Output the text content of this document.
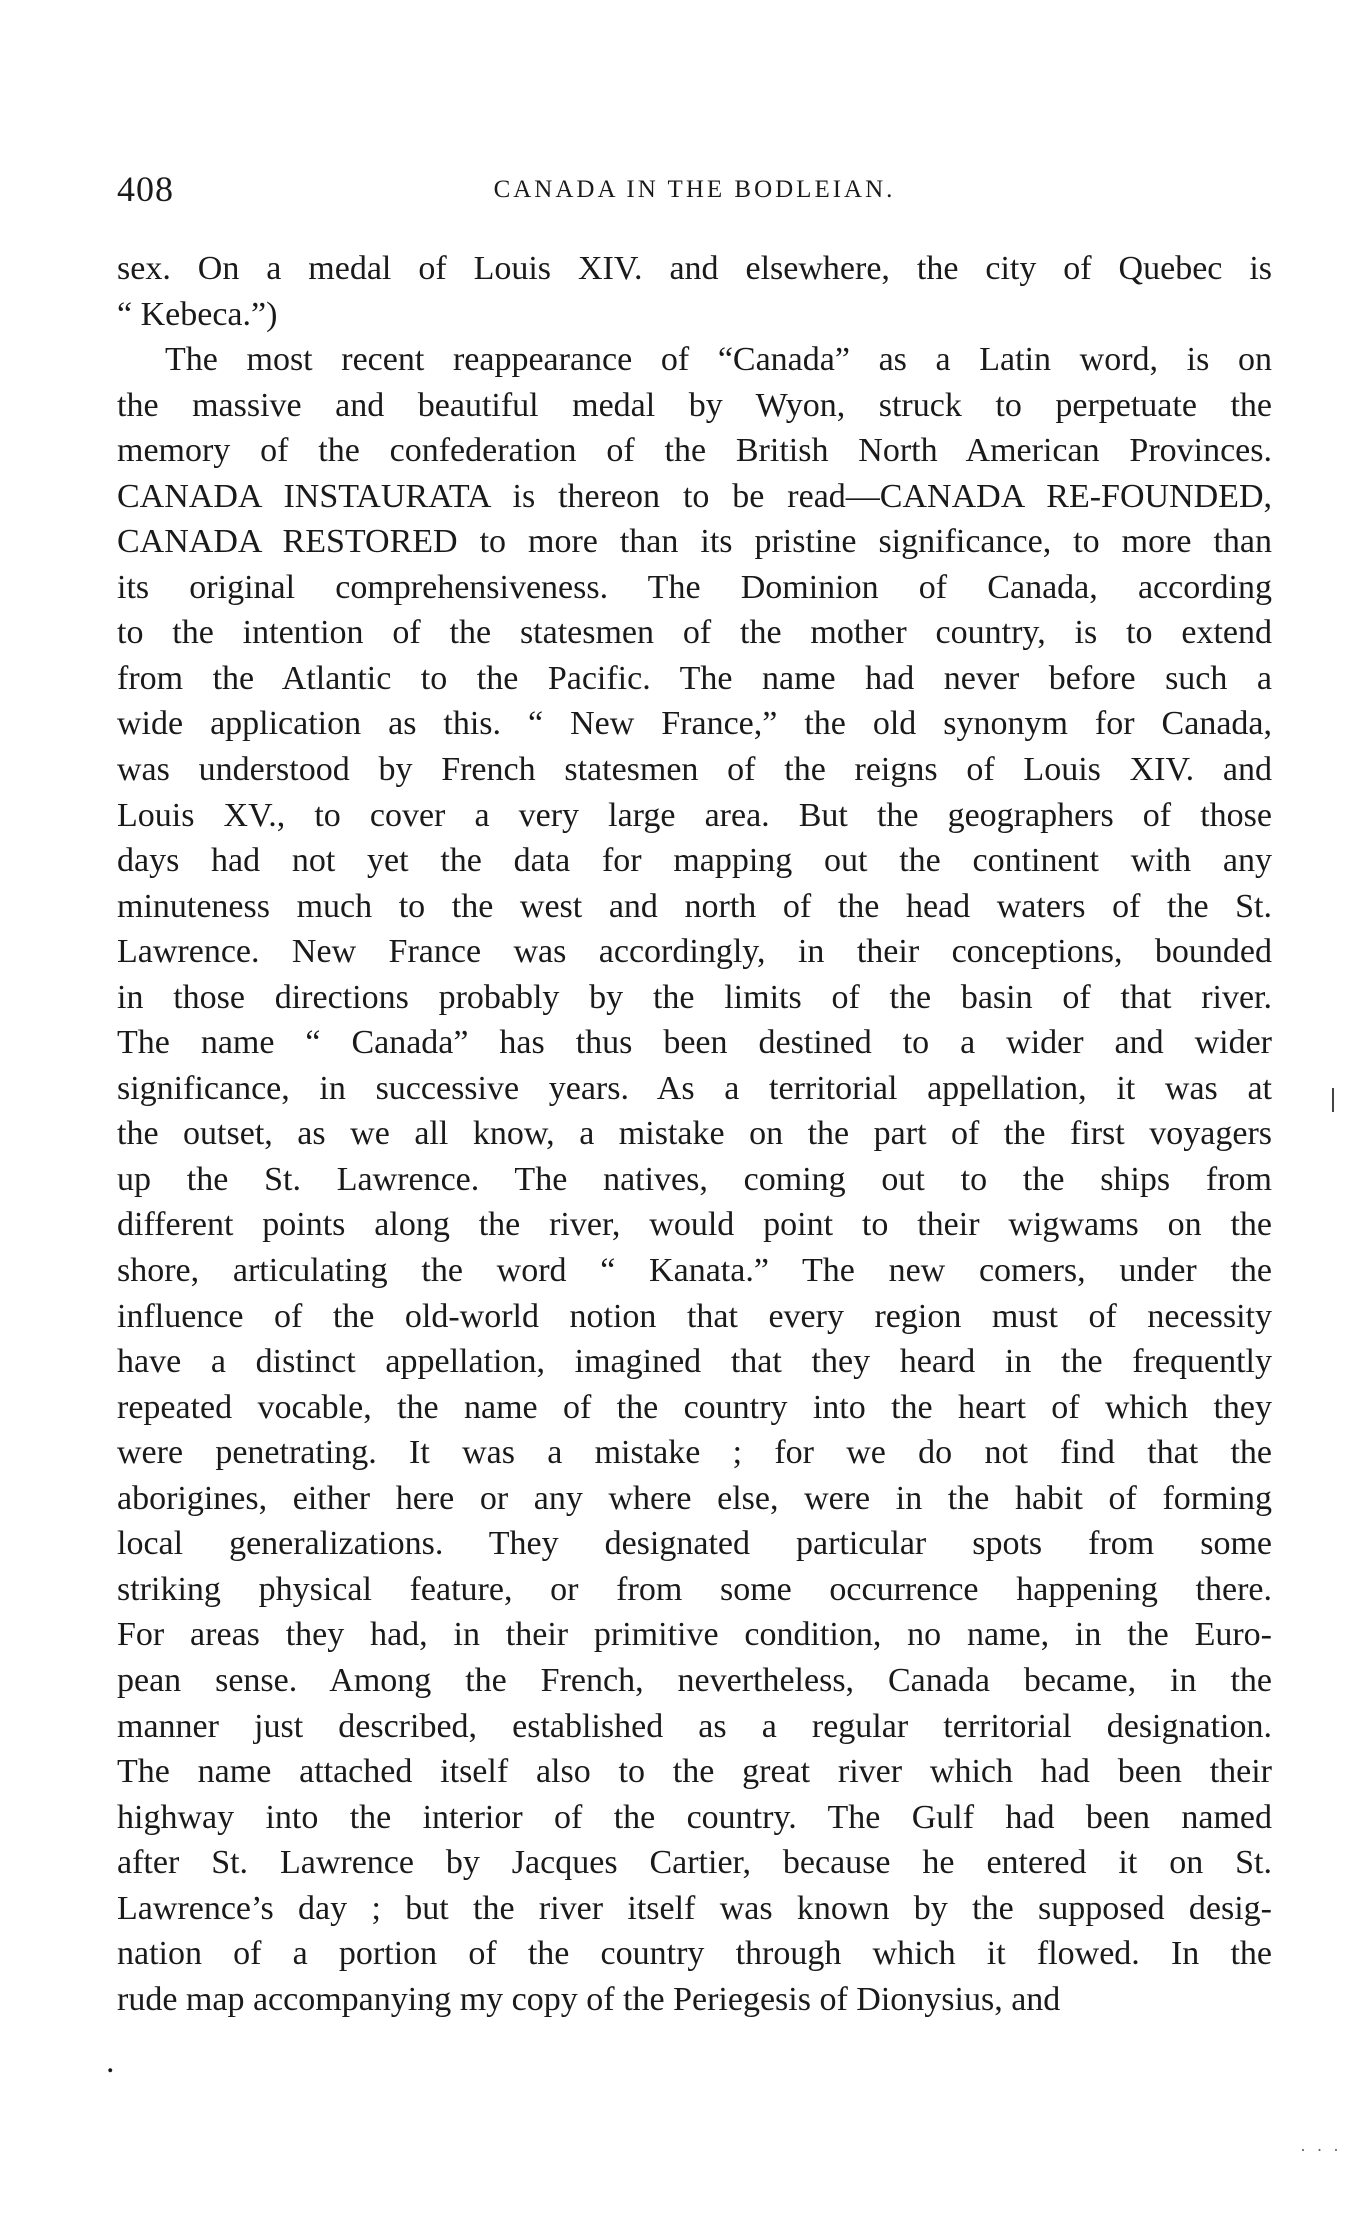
408	CANADA IN THE BODLEIAN.
sex. On a medal of Louis XIV. and elsewhere, the city of Quebec is
“ Kebeca.”)
The most recent reappearance of “Canada” as a Latin word, is on
the massive and beautiful medal by Wyon, struck to perpetuate the
memory of the confederation of the British North American Provinces.
CANADA INSTAURATA is thereon to be read—CANADA RE-FOUNDED,
CANADA RESTORED to more than its pristine significance, to more than
its original comprehensiveness. The Dominion of Canada, according
to the intention of the statesmen of the mother country, is to extend
from the Atlantic to the Pacific. The name had never before such a
wide application as this. “ New France,” the old synonym for Canada,
was understood by French statesmen of the reigns of Louis XIV. and
Louis XV., to cover a very large area. But the geographers of those
days had not yet the data for mapping out the continent with any
minuteness much to the west and north of the head waters of the St.
Lawrence. New France was accordingly, in their conceptions, bounded
in those directions probably by the limits of the basin of that river.
The name “ Canada” has thus been destined to a wider and wider
significance, in successive years. As a territorial appellation, it was at
the outset, as we all know, a mistake on the part of the first voyagers
up the St. Lawrence. The natives, coming out to the ships from
different points along the river, would point to their wigwams on the
shore, articulating the word “ Kanata.” The new comers, under the
influence of the old-world notion that every region must of necessity
have a distinct appellation, imagined that they heard in the frequently
repeated vocable, the name of the country into the heart of which they
were penetrating. It was a mistake ; for we do not find that the
aborigines, either here or any where else, were in the habit of forming
local generalizations. They designated particular spots from some
striking physical feature, or from some occurrence happening there.
For areas they had, in their primitive condition, no name, in the Euro-
pean sense. Among the French, nevertheless, Canada became, in the
manner just described, established as a regular territorial designation.
The name attached itself also to the great river which had been their
highway into the interior of the country. The Gulf had been named
after St. Lawrence by Jacques Cartier, because he entered it on St.
Lawrence’s day ; but the river itself was known by the supposed desig-
nation of a portion of the country through which it flowed. In the
rude map accompanying my copy of the Periegesis of Dionysius, and
.
· · ·
